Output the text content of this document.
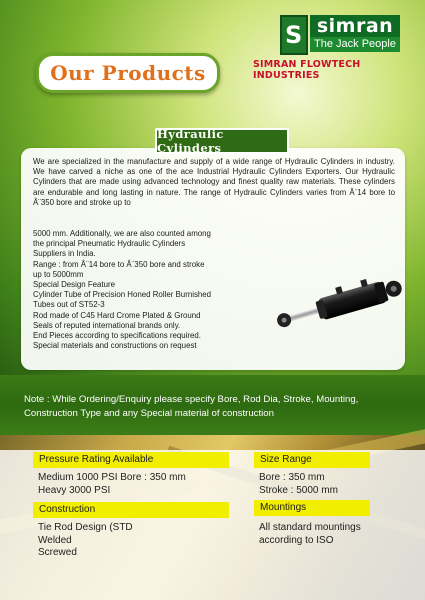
Our Products
S simran
The Jack People
SIMRAN FLOWTECH INDUSTRIES
Hydraulic Cylinders

We are specialized in the manufacture and supply of a wide range of Hydraulic Cylinders in industry. We have carved a niche as one of the ace Industrial Hydraulic Cylinders Exporters. Our Hydraulic Cylinders that are made using advanced technology and finest quality raw materials. These cylinders are endurable and long lasting in nature. The range of Hydraulic Cylinders varies from Â¨14 bore to Â¨350 bore and stroke up to

5000 mm. Additionally, we are also counted among
the principal Pneumatic Hydraulic Cylinders
Suppliers in India.
Range : from Â¨14 bore to Â¨350 bore and stroke
up to 5000mm
Special Design Feature
Cylinder Tube of Precision Honed Roller Burnished
Tubes out of ST52-3
Rod made of C45 Hard Crome Plated & Ground
Seals of reputed international brands only.
End Pieces according to specifications required.
Special materials and constructions on request

Note : While Ordering/Enquiry please specify Bore, Rod Dia, Stroke, Mounting, Construction Type and any Special material of construction

Pressure Rating Available
Medium 1000 PSI Bore : 350 mm
Heavy 3000 PSI
Size Range
Bore : 350 mm
Stroke : 5000 mm
Construction
Tie Rod Design (STD
Welded
Screwed
Mountings
All standard mountings
according to ISO
